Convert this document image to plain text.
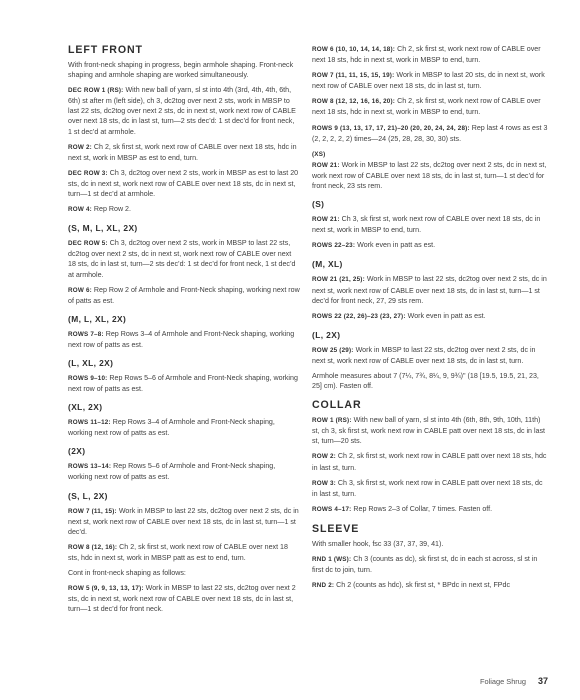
LEFT FRONT

With front-neck shaping in progress, begin armhole shaping. Front-neck shaping and armhole shaping are worked simultaneously.

DEC ROW 1 (RS): With new ball of yarn, sl st into 4th (3rd, 4th, 4th, 6th, 6th) st after m (left side), ch 3, dc2tog over next 2 sts, work in MBSP to last 22 sts, dc2tog over next 2 sts, dc in next st, work next row of CABLE over next 18 sts, dc in last st, turn—2 sts dec’d: 1 st dec’d for front neck, 1 st dec’d at armhole.

ROW 2: Ch 2, sk first st, work next row of CABLE over next 18 sts, hdc in next st, work in MBSP as est to end, turn.

DEC ROW 3: Ch 3, dc2tog over next 2 sts, work in MBSP as est to last 20 sts, dc in next st, work next row of CABLE over next 18 sts, dc in next st, turn—1 st dec’d at armhole.

ROW 4: Rep Row 2.

(S, M, L, XL, 2X)

DEC ROW 5: Ch 3, dc2tog over next 2 sts, work in MBSP to last 22 sts, dc2tog over next 2 sts, dc in next st, work next row of CABLE over next 18 sts, dc in last st, turn—2 sts dec’d: 1 st dec’d for front neck, 1 st dec’d at armhole.

ROW 6: Rep Row 2 of Armhole and Front-Neck shaping, working next row of patts as est.

(M, L, XL, 2X)

ROWS 7–8: Rep Rows 3–4 of Armhole and Front-Neck shaping, working next row of patts as est.

(L, XL, 2X)

ROWS 9–10: Rep Rows 5–6 of Armhole and Front-Neck shaping, working next row of patts as est.

(XL, 2X)

ROWS 11–12: Rep Rows 3–4 of Armhole and Front-Neck shaping, working next row of patts as est.

(2X)

ROWS 13–14: Rep Rows 5–6 of Armhole and Front-Neck shaping, working next row of patts as est.

(S, L, 2X)

ROW 7 (11, 15): Work in MBSP to last 22 sts, dc2tog over next 2 sts, dc in next st, work next row of CABLE over next 18 sts, dc in last st, turn—1 st dec’d.

ROW 8 (12, 16): Ch 2, sk first st, work next row of CABLE over next 18 sts, hdc in next st, work in MBSP patt as est to end, turn.

Cont in front-neck shaping as follows:

ROW 5 (9, 9, 13, 13, 17): Work in MBSP to last 22 sts, dc2tog over next 2 sts, dc in next st, work next row of CABLE over next 18 sts, dc in last st, turn—1 st dec’d for front neck.

ROW 6 (10, 10, 14, 14, 18): Ch 2, sk first st, work next row of CABLE over next 18 sts, hdc in next st, work in MBSP to end, turn.

ROW 7 (11, 11, 15, 15, 19): Work in MBSP to last 20 sts, dc in next st, work next row of CABLE over next 18 sts, dc in last st, turn.

ROW 8 (12, 12, 16, 16, 20): Ch 2, sk first st, work next row of CABLE over next 18 sts, hdc in next st, work in MBSP to end, turn.

ROWS 9 (13, 13, 17, 17, 21)–20 (20, 20, 24, 24, 28): Rep last 4 rows as est 3 (2, 2, 2, 2, 2) times—24 (25, 28, 28, 30, 30) sts.

(XS)

ROW 21: Work in MBSP to last 22 sts, dc2tog over next 2 sts, dc in next st, work next row of CABLE over next 18 sts, dc in last st, turn—1 st dec’d for front neck, 23 sts rem.

(S)

ROW 21: Ch 3, sk first st, work next row of CABLE over next 18 sts, dc in next st, work in MBSP to end, turn.

ROWS 22–23: Work even in patt as est.

(M, XL)

ROW 21 (21, 25): Work in MBSP to last 22 sts, dc2tog over next 2 sts, dc in next st, work next row of CABLE over next 18 sts, dc in last st, turn—1 st dec’d for front neck, 27, 29 sts rem.

ROWS 22 (22, 26)–23 (23, 27): Work even in patt as est.

(L, 2X)

ROW 25 (29): Work in MBSP to last 22 sts, dc2tog over next 2 sts, dc in next st, work next row of CABLE over next 18 sts, dc in last st, turn.

Armhole measures about 7 (7¼, 7¾, 8¼, 9, 9¾)" (18 [19.5, 19.5, 21, 23, 25] cm). Fasten off.

COLLAR

ROW 1 (RS): With new ball of yarn, sl st into 4th (6th, 8th, 9th, 10th, 11th) st, ch 3, sk first st, work next row in CABLE patt over next 18 sts, dc in last st, turn—20 sts.

ROW 2: Ch 2, sk first st, work next row in CABLE patt over next 18 sts, hdc in last st, turn.

ROW 3: Ch 3, sk first st, work next row in CABLE patt over next 18 sts, dc in last st, turn.

ROWS 4–17: Rep Rows 2–3 of Collar, 7 times. Fasten off.

SLEEVE

With smaller hook, fsc 33 (37, 37, 39, 41).

RND 1 (WS): Ch 3 (counts as dc), sk first st, dc in each st across, sl st in first dc to join, turn.

RND 2: Ch 2 (counts as hdc), sk first st, * BPdc in next st, FPdc

Foliage Shrug 37
